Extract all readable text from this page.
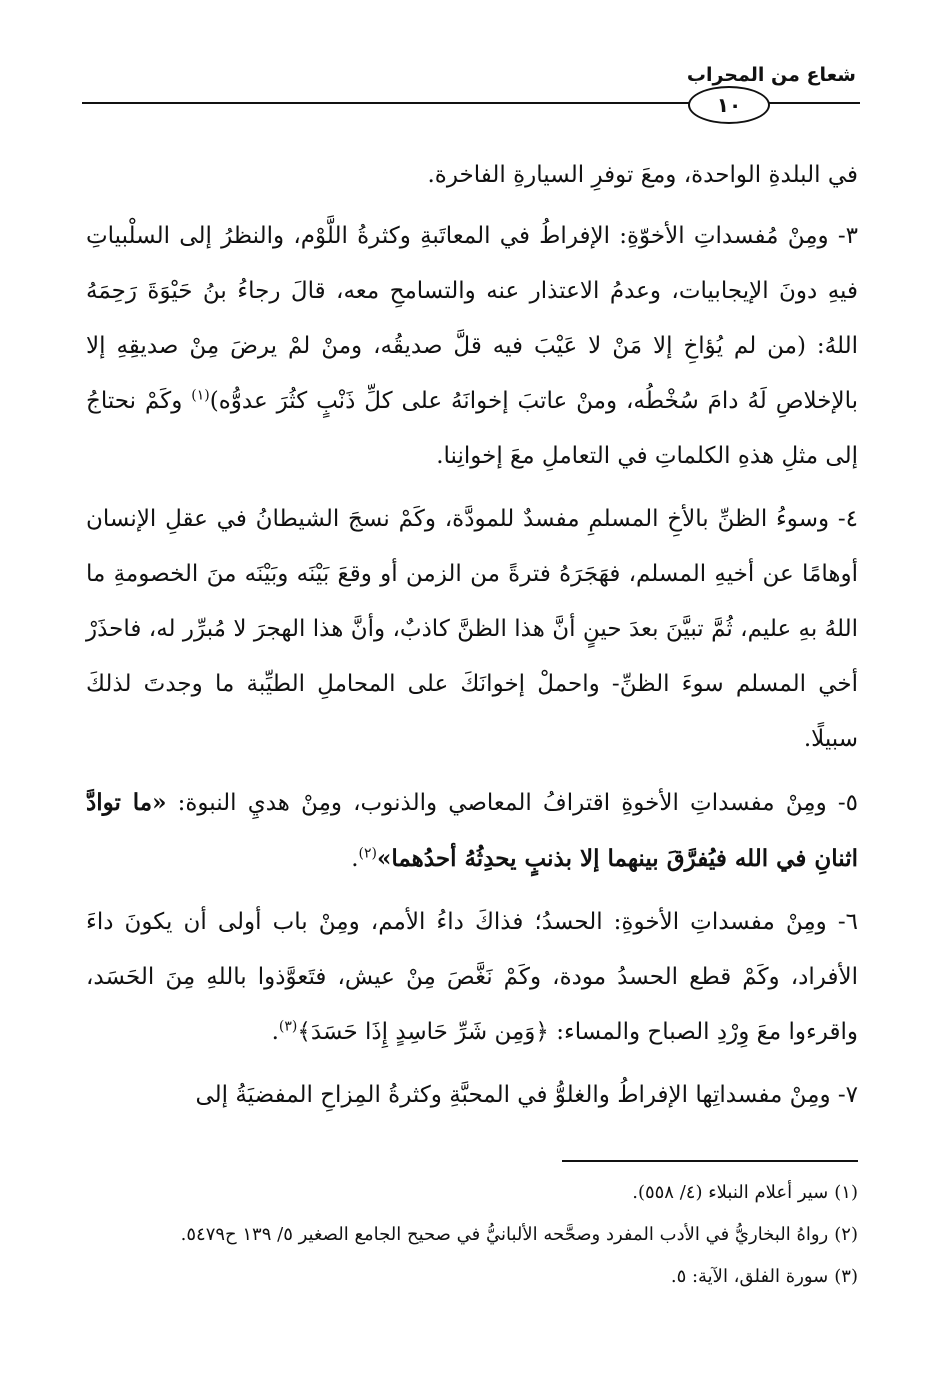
شعاع من المحراب
١٠

في البلدةِ الواحدة، ومعَ توفرِ السيارةِ الفاخرة.

٣- ومِنْ مُفسداتِ الأخوّةِ: الإفراطُ في المعاتَبةِ وكثرةُ اللَّوْم، والنظرُ إلى السلْبياتِ فيهِ دونَ الإيجابيات، وعدمُ الاعتذار عنه والتسامحِ معه، قالَ رجاءُ بنُ حَيْوَةَ رَحِمَهُ اللهُ: (من لم يُؤاخِ إلا مَنْ لا عَيْبَ فيه قلَّ صديقُه، ومنْ لمْ يرضَ مِنْ صديقِهِ إلا بالإخلاصِ لَهُ دامَ سُخْطُه، ومنْ عاتبَ إخوانَهُ على كلِّ ذَنْبٍ كثُرَ عدوُّه)$^{(١)}$ وكَمْ نحتاجُ إلى مثلِ هذهِ الكلماتِ في التعاملِ معَ إخوانِنا.

٤- وسوءُ الظنِّ بالأخِ المسلمِ مفسدٌ للمودَّة، وكَمْ نسجَ الشيطانُ في عقلِ الإنسان أوهامًا عن أخيهِ المسلم، فهَجَرَهُ فترةً من الزمن أو وقعَ بَيْنَه وبَيْنَه منَ الخصومةِ ما اللهُ بهِ عليم، ثُمَّ تبيَّنَ بعدَ حينٍ أنَّ هذا الظنَّ كاذبٌ، وأنَّ هذا الهجرَ لا مُبرِّر له، فاحذَرْ أخي المسلم سوءَ الظنِّ- واحملْ إخوانَكَ على المحاملِ الطيِّبة ما وجدتَ لذلكَ سبيلًا.

٥- ومِنْ مفسداتِ الأخوةِ اقترافُ المعاصي والذنوب، ومِنْ هديِ النبوة: «ما توادَّ اثنانِ في الله فيُفرَّقَ بينهما إلا بذنبٍ يحدِثُهُ أحدُهما»$^{(٢)}$.

٦- ومِنْ مفسداتِ الأخوةِ: الحسدُ؛ فذاكَ داءُ الأمم، ومِنْ باب أولى أن يكونَ داءَ الأفراد، وكَمْ قطع الحسدُ مودة، وكَمْ نَغَّصَ مِنْ عيش، فتَعوَّذوا باللهِ مِنَ الحَسَد، واقرءوا معَ وِرْدِ الصباح والمساء: ﴿وَمِن شَرِّ حَاسِدٍ إِذَا حَسَدَ﴾$^{(٣)}$.

٧- ومِنْ مفسداتِها الإفراطُ والغلوُّ في المحبَّةِ وكثرةُ المِزاحِ المفضيَةُ إلى

(١)سير أعلام النبلاء (٤/ ٥٥٨).

(٢)رواهُ البخاريُّ في الأدب المفرد وصحَّحه الألبانيُّ في صحيح الجامع الصغير ٥/ ١٣٩ ح٥٤٧٩.

(٣)سورة الفلق، الآية: ٥.
